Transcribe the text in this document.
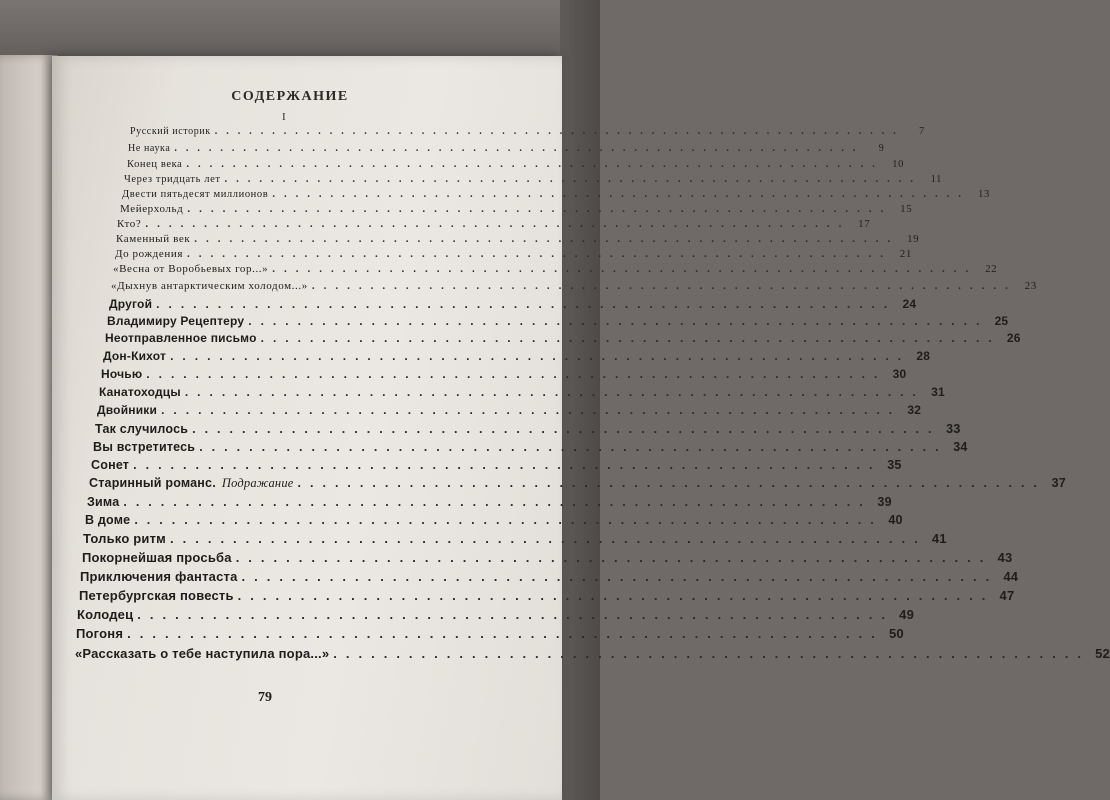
СОДЕРЖАНИЕ
I
Русский историк ............................................................	7
Не наука ............................................................	9
Конец века ............................................................ 10
Через тридцать лет ............................................................ 11
Двести пятьдесят миллионов ............................................................ 13
Мейерхольд ............................................................ 15
Кто? ............................................................ 17
Каменный век ............................................................ 19
До рождения ............................................................ 21
«Весна от Воробьевых гор...» ............................................................ 22
«Дыхнув антарктическим холодом...» ............................................................ 23
Другой ............................................................ 24
Владимиру Рецептеру ............................................................ 25
Неотправленное письмо ............................................................ 26
Дон-Кихот ............................................................ 28
Ночью ............................................................ 30
Канатоходцы ............................................................ 31
Двойники ............................................................ 32
Так случилось ............................................................ 33
Вы встретитесь ............................................................ 34
Сонет ............................................................ 35
Старинный романс. Подражание ............................................................ 37
Зима ............................................................ 39
В доме ............................................................ 40
Только ритм ............................................................ 41
Покорнейшая просьба ............................................................ 43
Приключения фантаста ............................................................ 44
Петербургская повесть ............................................................ 47
Колодец ............................................................ 49
Погоня ............................................................ 50
«Рассказать о тебе наступила пора...» ............................................................ 52
79
